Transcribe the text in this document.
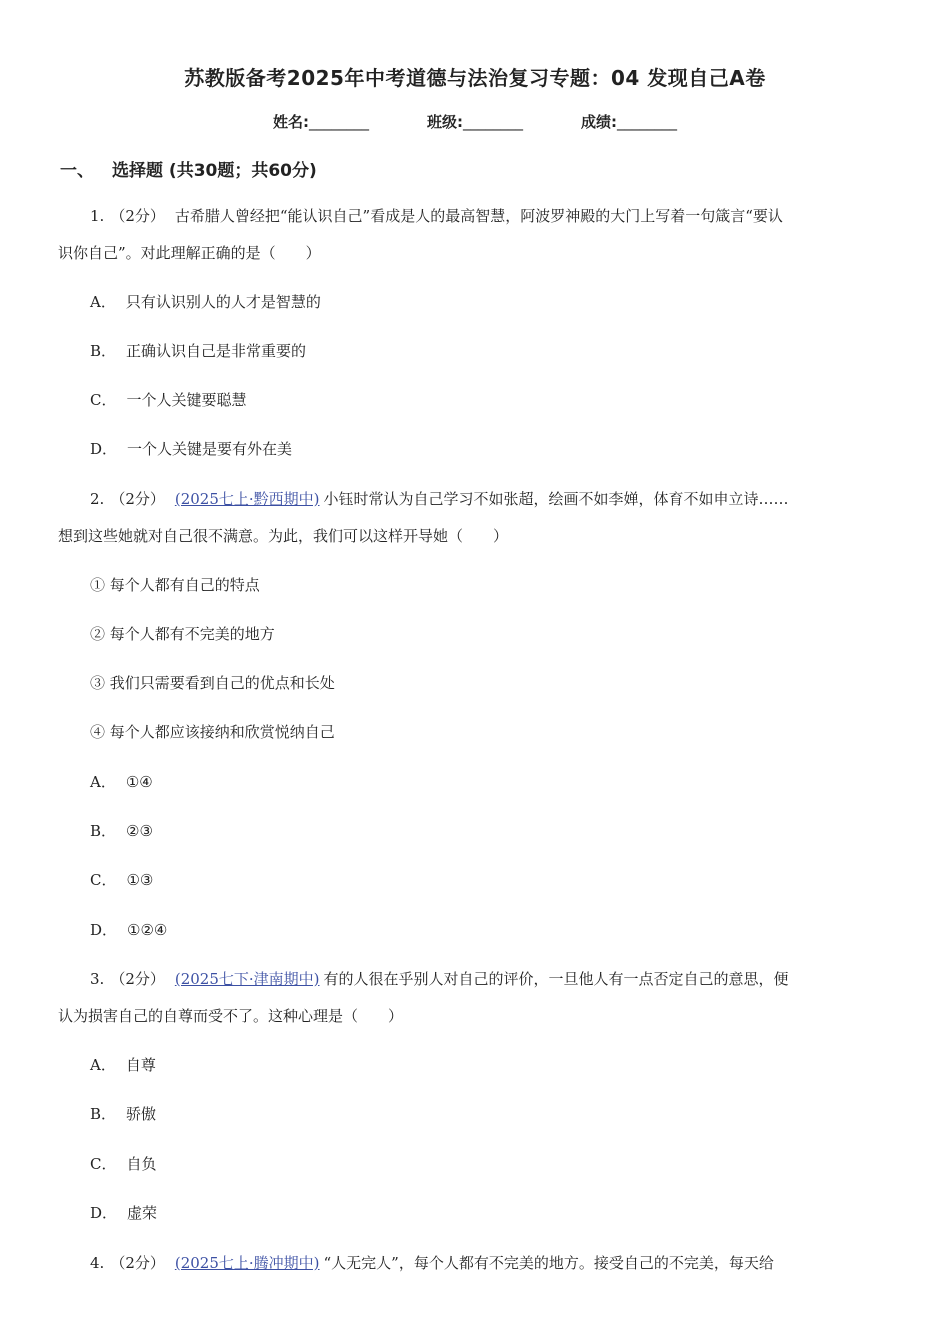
苏教版备考2025年中考道德与法治复习专题：04 发现自己A卷
姓名:________	班级:________	成绩:________
一、 选择题 (共30题；共60分)
1. （2分） 古希腊人曾经把“能认识自己”看成是人的最高智慧，阿波罗神殿的大门上写着一句箴言“要认
识你自己”。对此理解正确的是（　　）
A． 只有认识别人的人才是智慧的
B． 正确认识自己是非常重要的
C． 一个人关键要聪慧
D． 一个人关键是要有外在美
2. （2分） (2025七上·黔西期中) 小钰时常认为自己学习不如张超，绘画不如李婵，体育不如申立诗……
想到这些她就对自己很不满意。为此，我们可以这样开导她（　　）
① 每个人都有自己的特点
② 每个人都有不完美的地方
③ 我们只需要看到自己的优点和长处
④ 每个人都应该接纳和欣赏悦纳自己
A． ①④
B． ②③
C． ①③
D． ①②④
3. （2分） (2025七下·津南期中) 有的人很在乎别人对自己的评价，一旦他人有一点否定自己的意思，便
认为损害自己的自尊而受不了。这种心理是（　　）
A． 自尊
B． 骄傲
C． 自负
D． 虚荣
4. （2分） (2025七上·腾冲期中) “人无完人”，每个人都有不完美的地方。接受自己的不完美，每天给
